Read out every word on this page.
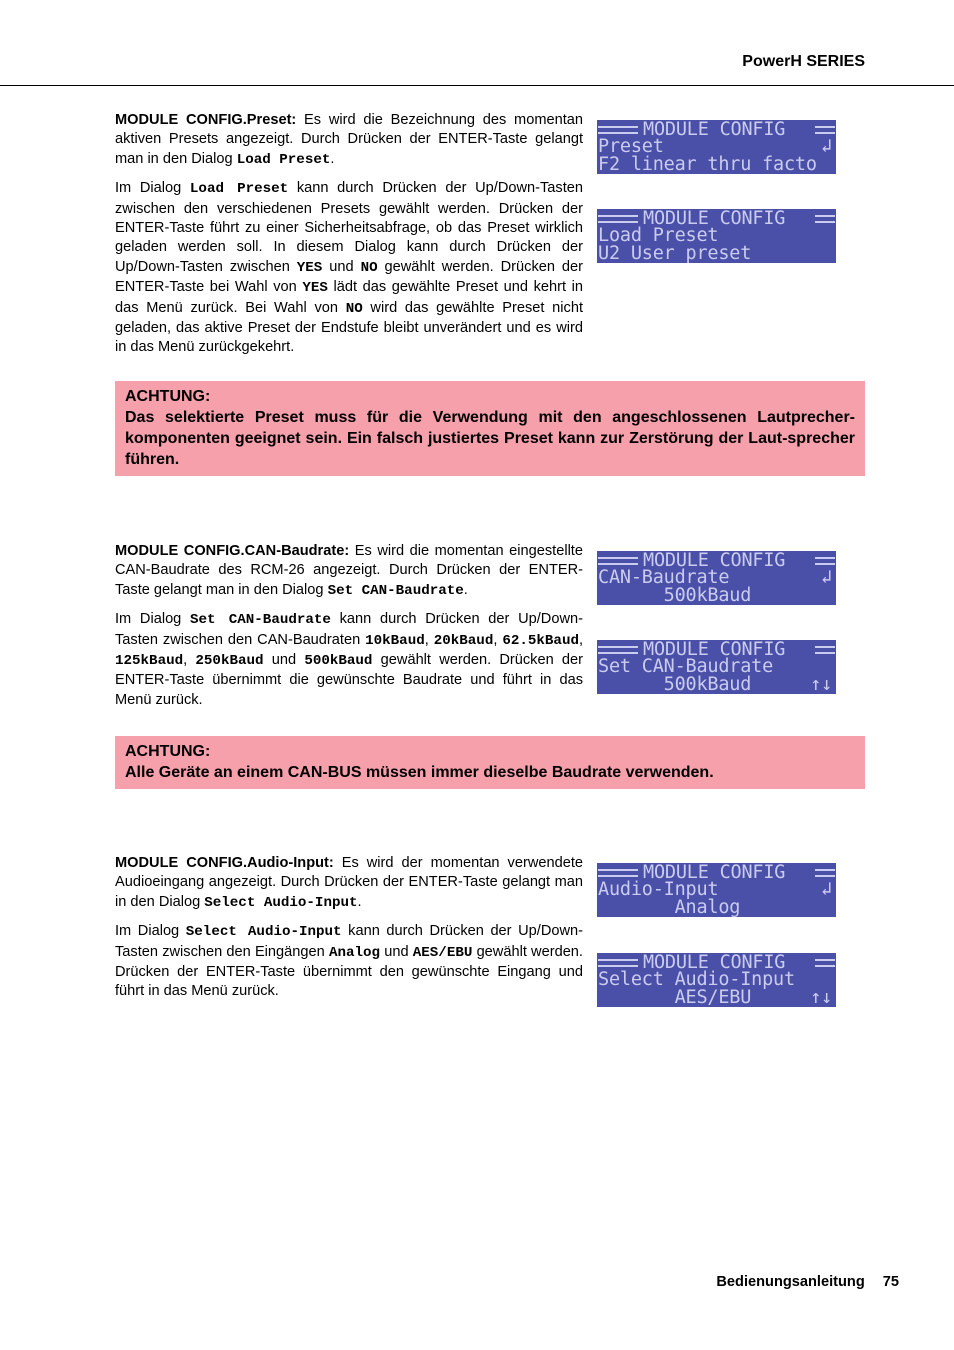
PowerH SERIES

MODULE CONFIG.Preset: Es wird die Bezeichnung des momentan aktiven Presets angezeigt. Durch Drücken der ENTER-Taste gelangt man in den Dialog Load Preset.

Im Dialog Load Preset kann durch Drücken der Up/Down-Tasten zwischen den verschiedenen Presets gewählt werden. Drücken der ENTER-Taste führt zu einer Sicherheitsabfrage, ob das Preset wirklich geladen werden soll. In diesem Dialog kann durch Drücken der Up/Down-Tasten zwischen YES und NO gewählt werden. Drücken der ENTER-Taste bei Wahl von YES lädt das gewählte Preset und kehrt in das Menü zurück. Bei Wahl von NO wird das gewählte Preset nicht geladen, das aktive Preset der Endstufe bleibt unverändert und es wird in das Menü zurückgekehrt.

MODULE CONFIG
Preset	↲
F2 linear thru facto
MODULE CONFIG
Load Preset
U2 User preset
ACHTUNG:
Das selektierte Preset muss für die Verwendung mit den angeschlossenen Lautprecher-komponenten geeignet sein. Ein falsch justiertes Preset kann zur Zerstörung der Laut-sprecher führen.

MODULE CONFIG.CAN-Baudrate: Es wird die momentan eingestellte CAN-Baudrate des RCM-26 angezeigt. Durch Drücken der ENTER-Taste gelangt man in den Dialog Set CAN-Baudrate.

Im Dialog Set CAN-Baudrate kann durch Drücken der Up/Down-Tasten zwischen den CAN-Baudraten 10kBaud, 20kBaud, 62.5kBaud, 125kBaud, 250kBaud und 500kBaud gewählt werden. Drücken der ENTER-Taste übernimmt die gewünschte Baudrate und führt in das Menü zurück.

MODULE CONFIG
CAN-Baudrate	↲
500kBaud
MODULE CONFIG
Set CAN-Baudrate
500kBaud	↑↓
ACHTUNG:
Alle Geräte an einem CAN-BUS müssen immer dieselbe Baudrate verwenden.

MODULE CONFIG.Audio-Input: Es wird der momentan verwendete Audioeingang angezeigt. Durch Drücken der ENTER-Taste gelangt man in den Dialog Select Audio-Input.

Im Dialog Select Audio-Input kann durch Drücken der Up/Down-Tasten zwischen den Eingängen Analog und AES/EBU gewählt werden. Drücken der ENTER-Taste übernimmt den gewünschte Eingang und führt in das Menü zurück.

MODULE CONFIG
Audio-Input	↲
Analog
MODULE CONFIG
Select Audio-Input
AES/EBU	↑↓
Bedienungsanleitung 75
